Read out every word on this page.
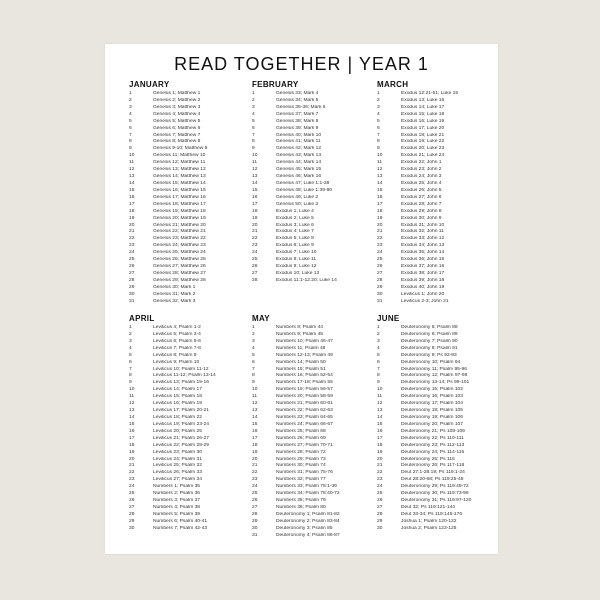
READ TOGETHER | YEAR 1
JANUARY
1	Genesis 1; Matthew 1
2	Genesis 2; Matthew 2
3	Genesis 3; Matthew 3
4	Genesis 4; Matthew 4
5	Genesis 5; Matthew 5
6	Genesis 6; Matthew 6
7	Genesis 7; Matthew 7
8	Genesis 8; Matthew 8
9	Genesis 9-10; Matthew 9
10	Genesis 11; Matthew 10
11	Genesis 12; Matthew 11
12	Genesis 13; Matthew 12
13	Genesis 14; Matthew 13
14	Genesis 15; Matthew 14
15	Genesis 16; Matthew 15
16	Genesis 17; Matthew 16
17	Genesis 18; Matthew 17
18	Genesis 19; Matthew 18
19	Genesis 20; Matthew 19
20	Genesis 21; Matthew 20
21	Genesis 22; Matthew 21
22	Genesis 23; Matthew 22
23	Genesis 24; Matthew 23
24	Genesis 25; Matthew 24
25	Genesis 26; Matthew 25
26	Genesis 27; Matthew 26
27	Genesis 28; Matthew 27
28	Genesis 29; Matthew 28
29	Genesis 30; Mark 1
30	Genesis 31; Mark 2
31	Genesis 32; Mark 3
FEBRUARY
1	Genesis 33; Mark 4
2	Genesis 34; Mark 5
3	Genesis 35-36; Mark 6
4	Genesis 37; Mark 7
5	Genesis 38; Mark 8
6	Genesis 39; Mark 9
7	Genesis 40; Mark 10
8	Genesis 41; Mark 11
9	Genesis 42; Mark 12
10	Genesis 43; Mark 13
11	Genesis 44; Mark 14
12	Genesis 45; Mark 15
13	Genesis 46; Mark 16
14	Genesis 47; Luke 1:1-38
15	Genesis 48; Luke 1:39-80
16	Genesis 49; Luke 2
17	Genesis 50; Luke 3
18	Exodus 1; Luke 4
19	Exodus 2; Luke 5
20	Exodus 3; Luke 6
21	Exodus 4; Luke 7
22	Exodus 5; Luke 8
23	Exodus 6; Luke 9
24	Exodus 7; Luke 10
25	Exodus 8; Luke 11
26	Exodus 9; Luke 12
27	Exodus 10; Luke 13
28	Exodus 11:1-12:20; Luke 14
MARCH
1	Exodus 12:21-51; Luke 15
2	Exodus 13; Luke 16
3	Exodus 14; Luke 17
4	Exodus 15; Luke 18
5	Exodus 16; Luke 19
6	Exodus 17; Luke 20
7	Exodus 18; Luke 21
8	Exodus 19; Luke 22
9	Exodus 20; Luke 23
10	Exodus 21; Luke 24
11	Exodus 22; John 1
12	Exodus 23; John 2
13	Exodus 24; John 3
14	Exodus 25; John 4
15	Exodus 26; John 5
16	Exodus 27; John 6
17	Exodus 28; John 7
18	Exodus 29; John 8
19	Exodus 30; John 9
20	Exodus 31; John 10
21	Exodus 32; John 11
22	Exodus 33; John 12
23	Exodus 34; John 13
24	Exodus 35; John 14
25	Exodus 36; John 15
26	Exodus 37; John 16
27	Exodus 38; John 17
28	Exodus 39; John 18
29	Exodus 40; John 19
30	Leviticus 1; John 20
31	Leviticus 2-3; John 21
APRIL
1	Leviticus 4; Psalm 1-2
2	Leviticus 5; Psalm 3-4
3	Leviticus 6; Psalm 5-6
4	Leviticus 7; Psalm 7-8
5	Leviticus 8; Psalm 9
6	Leviticus 9; Psalm 10
7	Leviticus 10; Psalm 11-12
8	Leviticus 11-12; Psalm 13-14
9	Leviticus 13; Psalm 15-16
10	Leviticus 14; Psalm 17
11	Leviticus 15; Psalm 18
12	Leviticus 16; Psalm 19
13	Leviticus 17; Psalm 20-21
14	Leviticus 18; Psalm 22
15	Leviticus 19; Psalm 23-24
16	Leviticus 20; Psalm 25
17	Leviticus 21; Psalm 26-27
18	Leviticus 22; Psalm 28-29
19	Leviticus 23; Psalm 30
20	Leviticus 24; Psalm 31
21	Leviticus 25; Psalm 32
22	Leviticus 26; Psalm 33
23	Leviticus 27; Psalm 34
24	Numbers 1; Psalm 35
25	Numbers 2; Psalm 36
26	Numbers 3; Psalm 37
27	Numbers 4; Psalm 38
28	Numbers 5; Psalm 39
29	Numbers 6; Psalm 40-41
30	Numbers 7; Psalm 42-43
MAY
1	Numbers 8; Psalm 44
2	Numbers 9; Psalm 45
3	Numbers 10; Psalm 46-47
4	Numbers 11; Psalm 48
5	Numbers 12-13; Psalm 49
6	Numbers 14; Psalm 50
7	Numbers 15; Psalm 51
8	Numbers 16; Psalm 52-54
9	Numbers 17-18; Psalm 55
10	Numbers 19; Psalm 56-57
11	Numbers 20; Psalm 58-59
12	Numbers 21; Psalm 60-61
13	Numbers 22; Psalm 62-63
14	Numbers 23; Psalm 64-65
15	Numbers 24; Psalm 66-67
16	Numbers 25; Psalm 68
17	Numbers 26; Psalm 69
18	Numbers 27; Psalm 70-71
19	Numbers 28; Psalm 72
20	Numbers 29; Psalm 73
21	Numbers 30; Psalm 74
22	Numbers 31; Psalm 75-76
23	Numbers 32; Psalm 77
24	Numbers 33; Psalm 78:1-39
25	Numbers 34; Psalm 78:40-72
26	Numbers 35; Psalm 79
27	Numbers 36; Psalm 80
28	Deuteronomy 1; Psalm 81-82
29	Deuteronomy 2; Psalm 83-84
30	Deuteronomy 3; Psalm 85
31	Deuteronomy 4; Psalm 86-87
JUNE
1	Deuteronomy 5; Psalm 88
2	Deuteronomy 6; Psalm 89
3	Deuteronomy 7; Psalm 90
4	Deuteronomy 8; Psalm 91
5	Deuteronomy 9; Ps 92-93
6	Deuteronomy 10; Psalm 94
7	Deuteronomy 11; Psalm 95-96
8	Deuteronomy 12; Psalm 97-98
9	Deuteronomy 13-14; Ps 99-101
10	Deuteronomy 15; Psalm 102
11	Deuteronomy 16; Psalm 103
12	Deuteronomy 17; Psalm 104
13	Deuteronomy 18; Psalm 105
14	Deuteronomy 19; Psalm 106
15	Deuteronomy 20; Psalm 107
16	Deuteronomy 21; Ps 108-109
17	Deuteronomy 22; Ps 110-111
18	Deuteronomy 23; Ps 112-113
19	Deuteronomy 24; Ps 114-115
20	Deuteronomy 25; Ps 116
21	Deuteronomy 26; Ps 117-118
22	Deut 27:1-28:19; Ps 119:1-24
23	Deut 28:20-68; Ps 119:25-48
24	Deuteronomy 29; Ps 119:49-72
25	Deuteronomy 30; Ps 119:73-96
26	Deuteronomy 31; Ps 119:97-120
27	Deut 32; Ps 119:121-144
28	Deut 33-34; Ps 119:145-176
29	Joshua 1; Psalm 120-122
30	Joshua 2; Psalm 123-125
